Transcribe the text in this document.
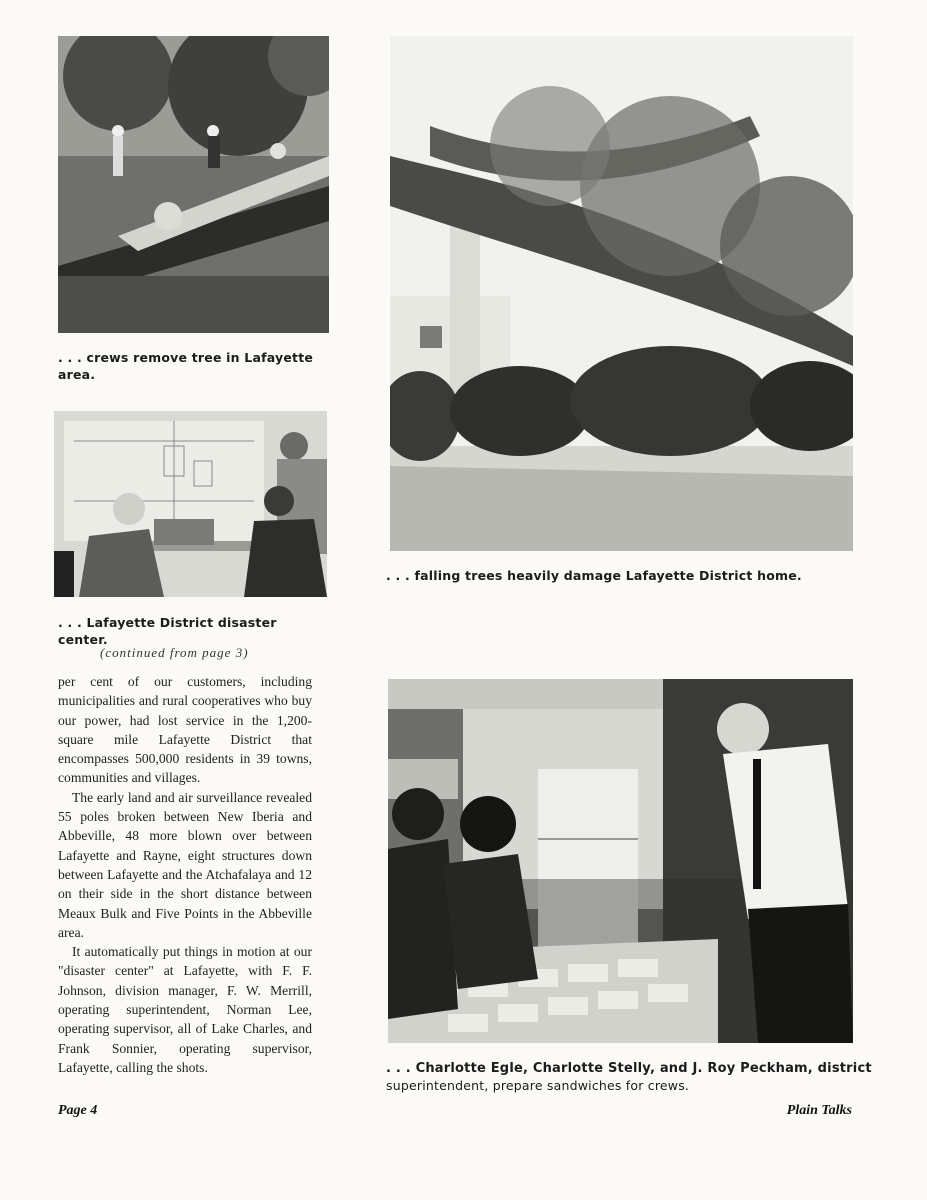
. . . crews remove tree in Lafayette area.
. . . Lafayette District disaster center.
(continued from page 3)

per cent of our customers, including municipalities and rural cooperatives who buy our power, had lost service in the 1,200-square mile Lafayette District that encompasses 500,000 residents in 39 towns, communities and villages.

The early land and air surveillance revealed 55 poles broken between New Iberia and Abbeville, 48 more blown over between Lafayette and Rayne, eight structures down between Lafayette and the Atchafalaya and 12 on their side in the short distance between Meaux Bulk and Five Points in the Abbeville area.

It automatically put things in motion at our "disaster center" at Lafayette, with F. F. Johnson, division manager, F. W. Merrill, operating superintendent, Norman Lee, operating supervisor, all of Lake Charles, and Frank Sonnier, operating supervisor, Lafayette, calling the shots.

. . . falling trees heavily damage Lafayette District home.
. . . Charlotte Egle, Charlotte Stelly, and J. Roy Peckham, district
superintendent, prepare sandwiches for crews.
Page 4	Plain Talks
